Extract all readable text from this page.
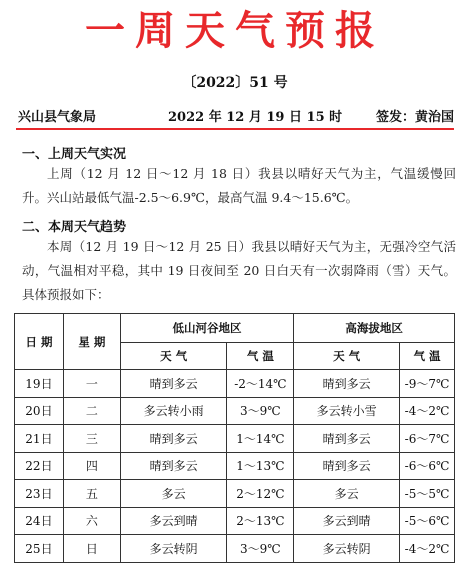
一周天气预报
〔2022〕51 号
兴山县气象局	2022 年 12 月 19 日 15 时	签发：黄治国
一、上周天气实况
上周（12 月 12 日～12 月 18 日）我县以晴好天气为主，气温缓慢回升。兴山站最低气温-2.5～6.9℃，最高气温 9.4～15.6℃。
二、本周天气趋势
本周（12 月 19 日～12 月 25 日）我县以晴好天气为主，无强冷空气活动，气温相对平稳，其中 19 日夜间至 20 日白天有一次弱降雨（雪）天气。具体预报如下：
日 期	星 期	低山河谷地区		高海拔地区	
		天 气	气 温	天 气	气 温
19日	一	晴到多云	-2～14℃	晴到多云	-9～7℃
20日	二	多云转小雨	3～9℃	多云转小雪	-4～2℃
21日	三	晴到多云	1～14℃	晴到多云	-6～7℃
22日	四	晴到多云	1～13℃	晴到多云	-6～6℃
23日	五	多云	2～12℃	多云	-5～5℃
24日	六	多云到晴	2～13℃	多云到晴	-5～6℃
25日	日	多云转阴	3～9℃	多云转阴	-4～2℃
